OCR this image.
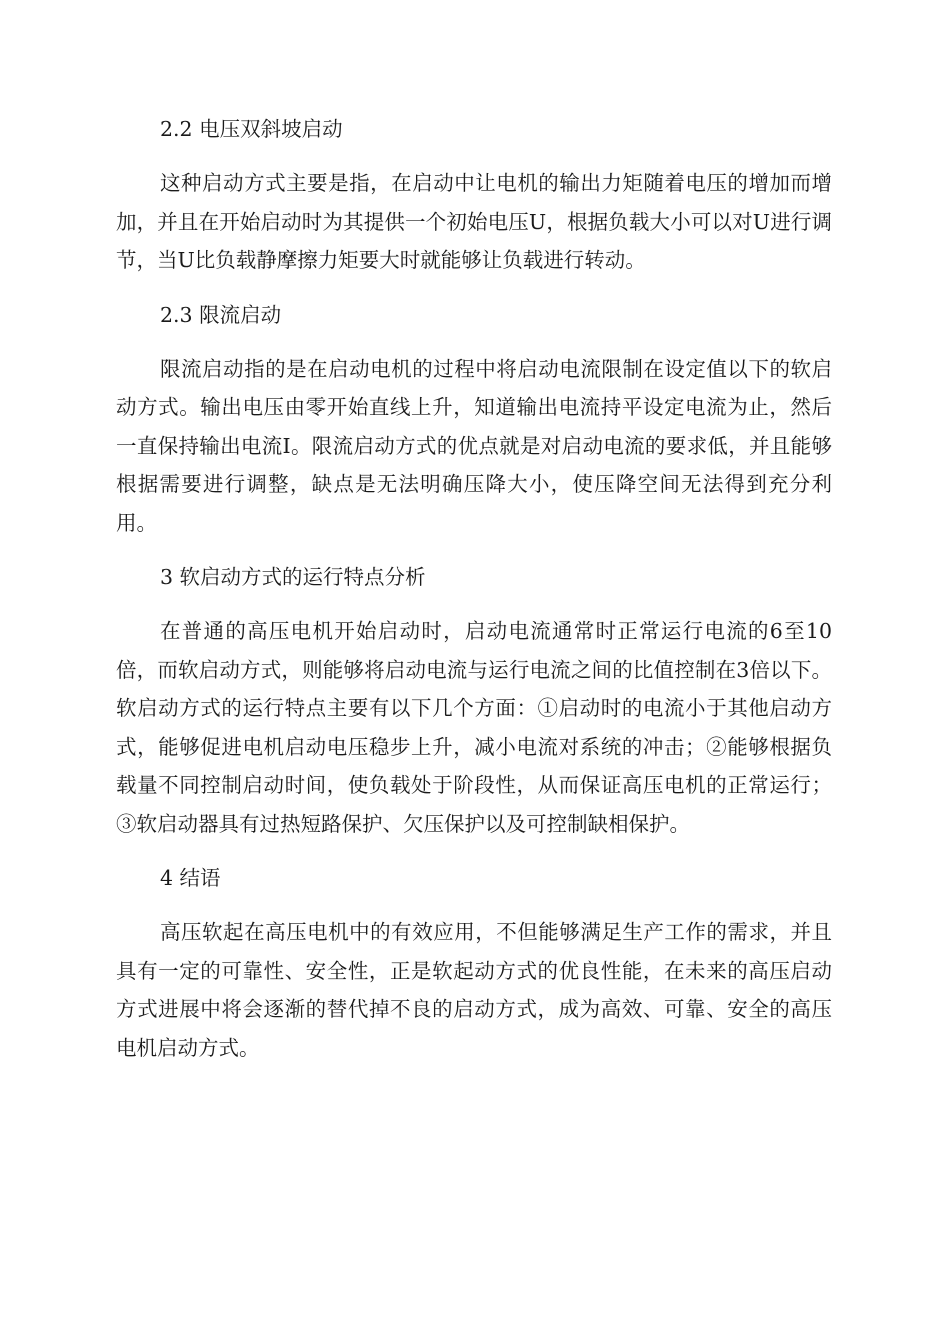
2.2 电压双斜坡启动

这种启动方式主要是指，在启动中让电机的输出力矩随着电压的增加而增加，并且在开始启动时为其提供一个初始电压U，根据负载大小可以对U进行调节，当U比负载静摩擦力矩要大时就能够让负载进行转动。

2.3 限流启动

限流启动指的是在启动电机的过程中将启动电流限制在设定值以下的软启动方式。输出电压由零开始直线上升，知道输出电流持平设定电流为止，然后一直保持输出电流I。限流启动方式的优点就是对启动电流的要求低，并且能够根据需要进行调整，缺点是无法明确压降大小，使压降空间无法得到充分利用。

3 软启动方式的运行特点分析

在普通的高压电机开始启动时，启动电流通常时正常运行电流的6至10倍，而软启动方式，则能够将启动电流与运行电流之间的比值控制在3倍以下。软启动方式的运行特点主要有以下几个方面：①启动时的电流小于其他启动方式，能够促进电机启动电压稳步上升，减小电流对系统的冲击；②能够根据负载量不同控制启动时间，使负载处于阶段性，从而保证高压电机的正常运行；③软启动器具有过热短路保护、欠压保护以及可控制缺相保护。

4 结语

高压软起在高压电机中的有效应用，不但能够满足生产工作的需求，并且具有一定的可靠性、安全性，正是软起动方式的优良性能，在未来的高压启动方式进展中将会逐渐的替代掉不良的启动方式，成为高效、可靠、安全的高压电机启动方式。
